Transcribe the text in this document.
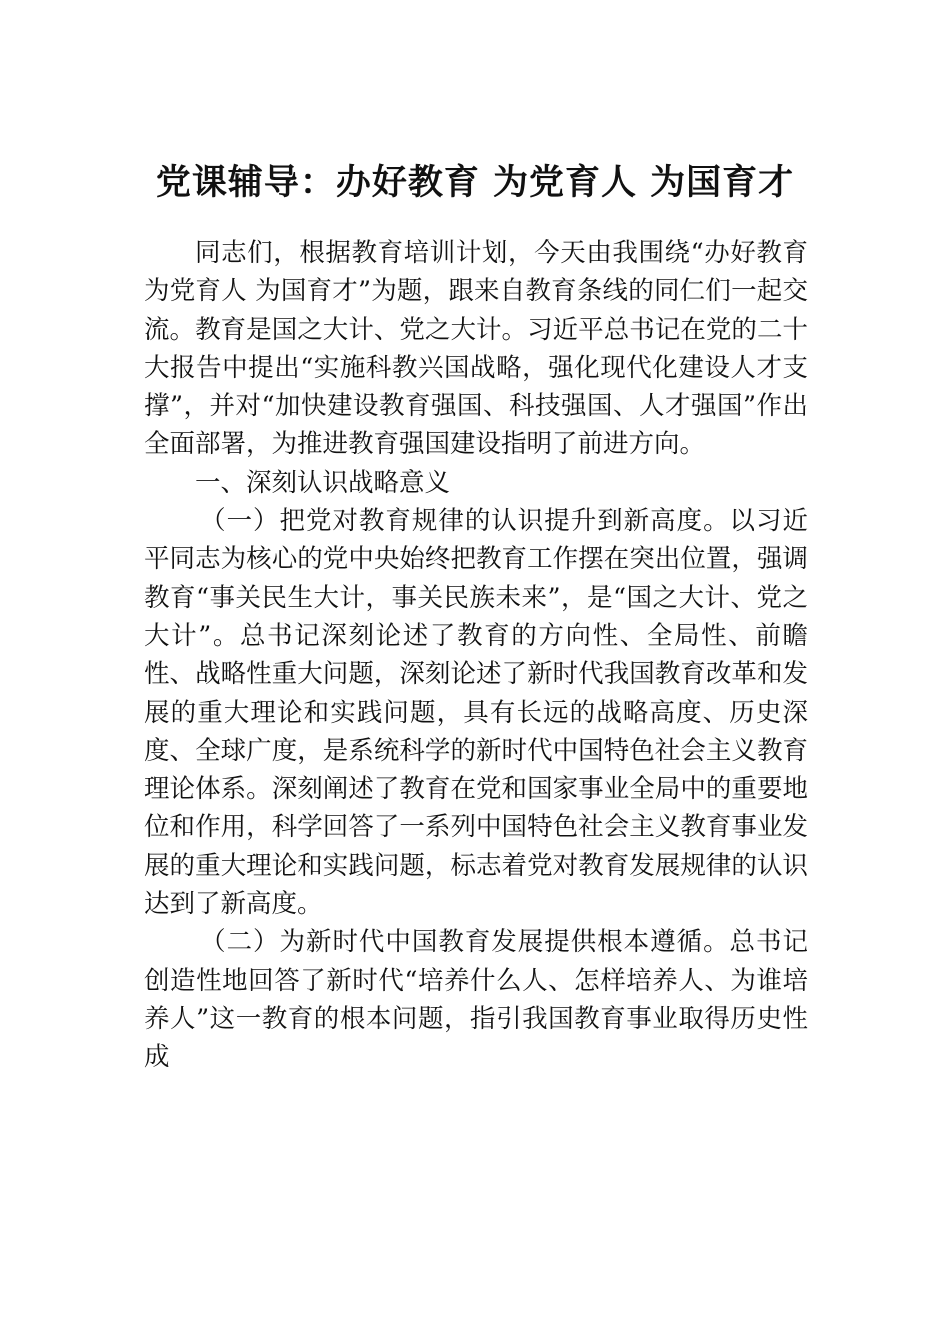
党课辅导：办好教育 为党育人 为国育才

同志们，根据教育培训计划，今天由我围绕“办好教育 为党育人 为国育才”为题，跟来自教育条线的同仁们一起交流。教育是国之大计、党之大计。习近平总书记在党的二十大报告中提出“实施科教兴国战略，强化现代化建设人才支撑”，并对“加快建设教育强国、科技强国、人才强国”作出全面部署，为推进教育强国建设指明了前进方向。

一、深刻认识战略意义

（一）把党对教育规律的认识提升到新高度。以习近平同志为核心的党中央始终把教育工作摆在突出位置，强调教育“事关民生大计，事关民族未来”，是“国之大计、党之大计”。总书记深刻论述了教育的方向性、全局性、前瞻性、战略性重大问题，深刻论述了新时代我国教育改革和发展的重大理论和实践问题，具有长远的战略高度、历史深度、全球广度，是系统科学的新时代中国特色社会主义教育理论体系。深刻阐述了教育在党和国家事业全局中的重要地位和作用，科学回答了一系列中国特色社会主义教育事业发展的重大理论和实践问题，标志着党对教育发展规律的认识达到了新高度。

（二）为新时代中国教育发展提供根本遵循。总书记创造性地回答了新时代“培养什么人、怎样培养人、为谁培养人”这一教育的根本问题，指引我国教育事业取得历史性成
